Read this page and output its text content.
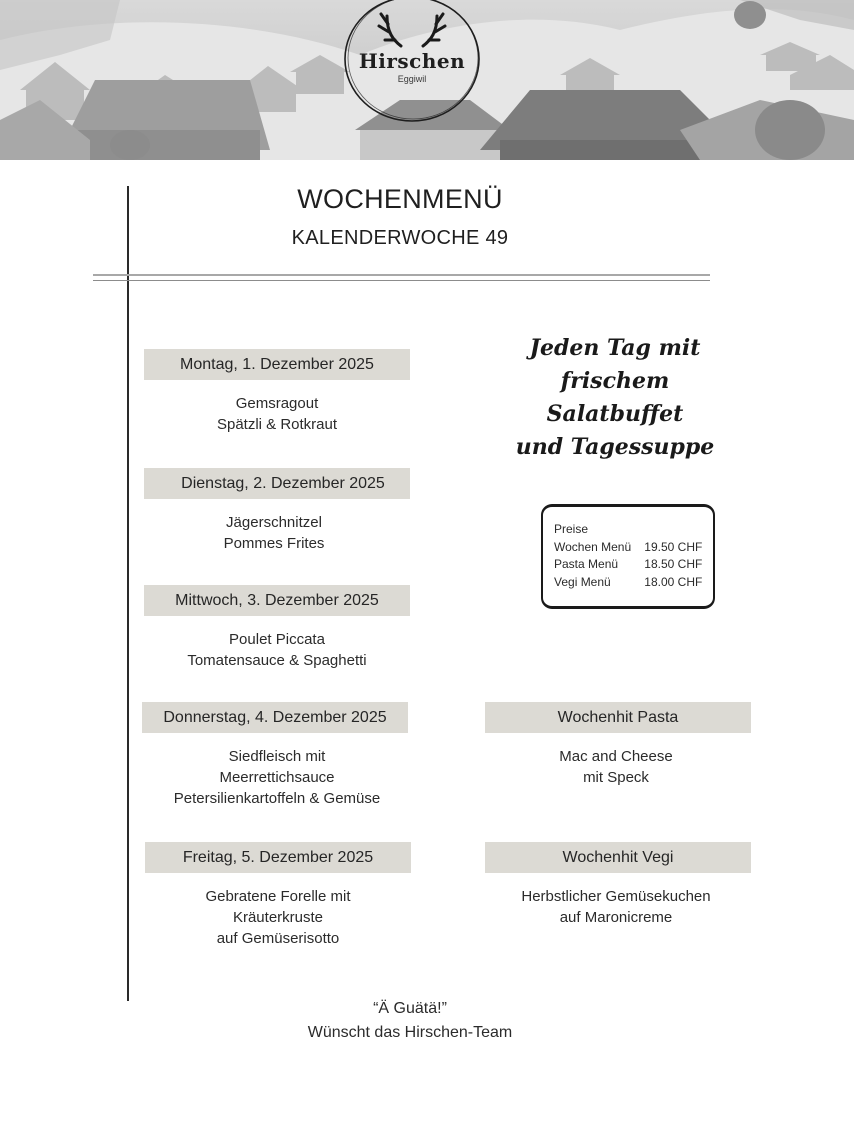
Hirschen
Eggiwil
WOCHENMENÜ
KALENDERWOCHE 49
Montag, 1. Dezember 2025
Gemsragout
Spätzli & Rotkraut
Dienstag, 2. Dezember 2025
Jägerschnitzel
Pommes Frites
Mittwoch, 3. Dezember 2025
Poulet Piccata
Tomatensauce & Spaghetti
Donnerstag, 4. Dezember 2025
Siedfleisch mit
Meerrettichsauce
Petersilienkartoffeln & Gemüse
Freitag, 5. Dezember 2025
Gebratene Forelle mit
Kräuterkruste
auf Gemüserisotto
Jeden Tag mit
frischem Salatbuffet
und Tagessuppe
Preise
Wochen Menü	19.50 CHF
Pasta Menü	18.50 CHF
Vegi Menü	18.00 CHF
Wochenhit Pasta
Mac and Cheese
mit Speck
Wochenhit Vegi
Herbstlicher Gemüsekuchen
auf Maronicreme
“Ä Guätä!”
Wünscht das Hirschen-Team
